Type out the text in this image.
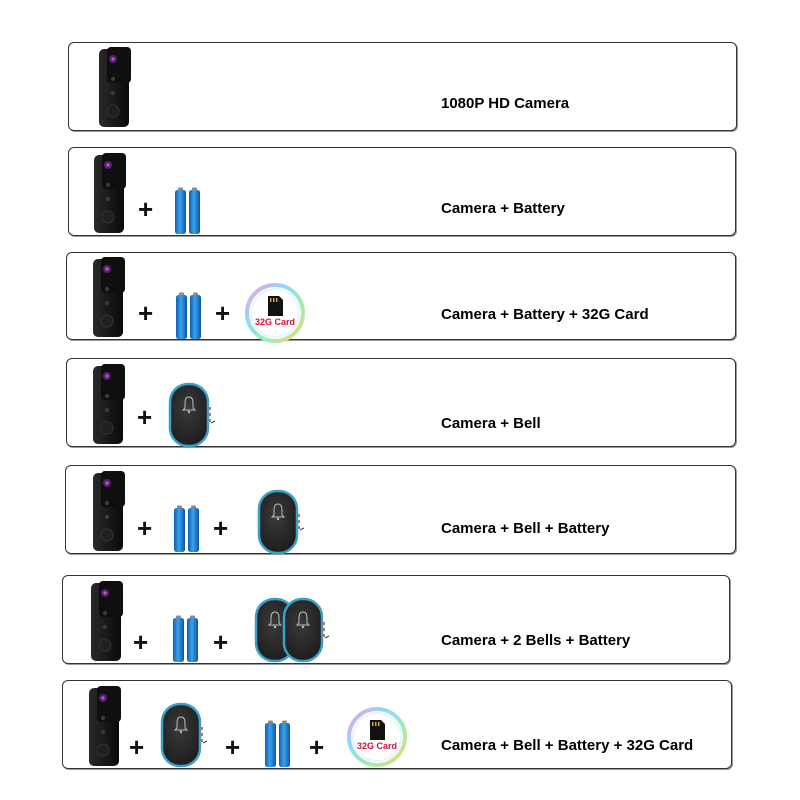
1080P HD Camera
+	Camera + Battery
+ +	32G Card	Camera + Battery + 32G Card
+	Camera + Bell
+ +	Camera + Bell + Battery
+ +	Camera + 2 Bells + Battery
+	+	+	32G Card	Camera + Bell + Battery + 32G Card
